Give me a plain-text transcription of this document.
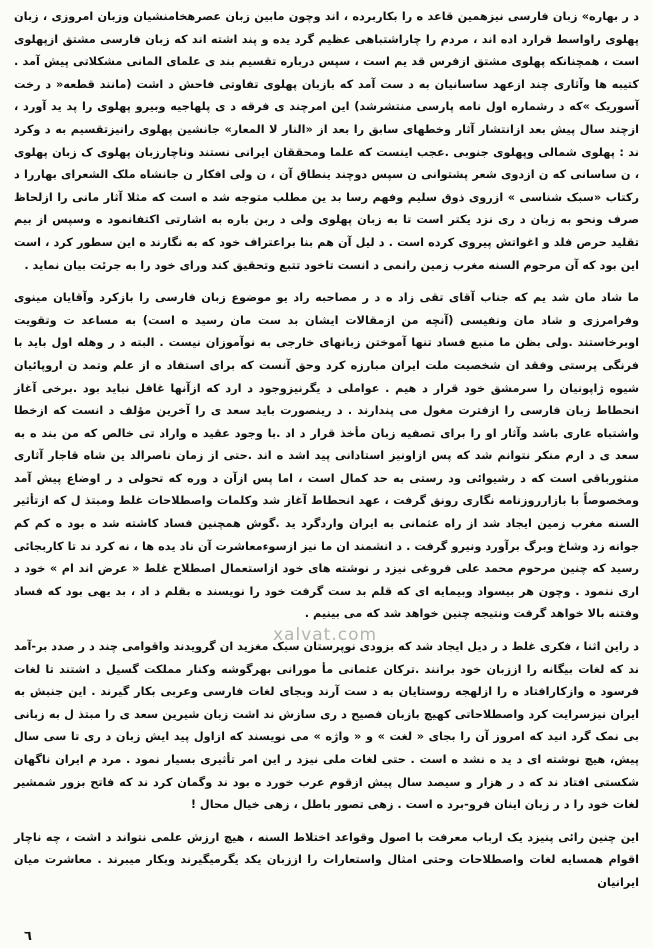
د ر بهاره» زبان فارسی نیزهمین قاعد ه را بکاربرده ، اند وچون مابین زبان عصرهخامنشیان وزبان امروزی ، زبان پهلوی راواسط قرارد اده اند ، مردم را چاراشتباهی عظیم گرد یده و پند اشته اند که زبان فارسی مشتق ازپهلوی است ، همچنانکه پهلوی مشتق ازفرس قد یم است ، سپس درباره تقسیم بند ی علمای المانی مشکلاتی پیش آمد . کتیبه ها وآثاری چند ازعهد ساسانیان به د ست آمد که بازبان پهلوی تفاوتی فاحش د اشت (مانند قطعه« د رخت آسوریک »که د رشماره اول نامه پارسی منتشرشد) این امرچند ی فرقه د ی پلهاجیه وبیرو پهلوی را پد ید آورد ، ازچند سال پیش بعد ازانتشار آثار وخطهای سابق را بعد از «النار لا المعار» جانشین پهلوی رانیزتقسیم به د وکرد ند : پهلوی شمالی وپهلوی جنوبی .عجب اینست که علما ومحققان ایرانی نستند وناچارزبان پهلوی ک زبان پهلوی ، ن ساسانی که ن ازدوی شعر پشتوانی ن سپس دوچند ینطاق آن ، ن ولی افکار ن جانشاه ملک الشعرای بهاررا د رکتاب «سبک شناسی » ازروی ذوق سلیم وفهم رسا بد ین مطلب متوجه شد ه است که مثلا آثار مانی را ازلحاظ صرف ونحو به زبان د ری نزد یکتر است تا به زبان پهلوی ولی د ربن باره به اشارتی اکتفانمود ه وسپس از بیم تقلید حرص فلد و اغواتش پیروی کرده است . د لیل آن هم بنا براعتراف خود که به نگارند ه این سطور کرد ، است این بود که آن مرحوم السنه مغرب زمین رانمی د انست تاخود تتبع وتحقیق کند ورای خود را به جرئت بیان نماید .

ما شاد مان شد یم که جناب آقای تقی زاد ه د ر مصاحبه راد یو موضوع زبان فارسی را بازکرد وآقایان مینوی وفرامرزی و شاد مان ونفیسی (آنچه من ازمقالات ایشان بد ست مان رسید ه است) به مساعد ت وتقویت اوبرخاستند .ولی بظن ما منبع فساد تنها آموختن زبانهای خارجی به نوآموزان نیست . البته د ر وهله اول باید با فرنگی پرستی وفقد ان شخصیت ملت ایران مبارزه کرد وحق آنست که برای استفاد ه از علم وتمد ن اروپائیان شیوه ژاپونیان را سرمشق خود قرار د هیم . عواملی د یگرنیزوجود د ارد که ازآنها غافل نباید بود .برخی آغاز انحطاط زبان فارسی را ازفترت مغول می پندارند . د رینصورت باید سعد ی را آخرین مؤلف د انست که ازخطا واشتباه عاری باشد وآثار او را برای تصفیه زبان مأخذ قرار د اد .با وجود عقید ه واراد تی خالص که من بند ه به سعد ی د ارم منکر نتوانم شد که پس ازاونیز استادانی پید اشد ه اند .حتی از زمان ناصرالد ین شاه قاجار آثاری منثورباقی است که د رشیوائی ود رستی به حد کمال است ، اما پس ازآن د وره که تحولی د ر اوضاع پیش آمد ومخصوصاً با بازارروزنامه نگاری رونق گرفت ، عهد انحطاط آغاز شد وکلمات واصطلاحات غلط ومبتذ ل که ازتأثیر السنه مغرب زمین ایجاد شد از راه عثمانی به ایران واردگرد ید .گوش همچنین فساد کاشته شد ه بود ه کم کم جوانه زد وشاخ وبرگ برآورد ونیرو گرفت . د انشمند ان ما نیز ازسوءمعاشرت آن ناد یده ها ، نه کرد ند تا کاربجائی رسید که چنین مرحوم محمد علی فروغی نیزد ر نوشته های خود ازاستعمال اصطلاح غلط « عرض اند ام » خود د اری ننمود . وچون هر بیسواد وبیمایه ای که قلم بد ست گرفت خود را نویسند ه بقلم د اد ، بد یهی بود که فساد وفتنه بالا خواهد گرفت ونتیجه چنین خواهد شد که می بینیم .

د راین اثنا ، فکری غلط د ر دیل ایجاد شد که بزودی نوپرستان سبک مغزید ان گرویدند واقوامی چند د ر صدد بر-آمد ند که لغات بیگانه را اززبان خود برانند .ترکان عثمانی مأ مورانی بهرگوشه وکنار مملکت گسیل د اشتند تا لغات فرسود ه وازکارافتاد ه را ازلهجه روستایان به د ست آرند وبجای لغات فارسی وعربی بکار گیرند . این جنبش به ایران نیزسرایت کرد واصطلاحاتی کهیچ بازبان فصیح د ری سازش ند اشت زبان شیرین سعد ی را مبتذ ل به زبانی بی نمک گرد انید که امروز آن را بجای « لغت » و « واژه » می نویسند که ازاول پید ایش زبان د ری تا سی سال پیش، هیچ نوشته ای د ید ه نشد ه است . حتی لغات ملی نیزد ر این امر تأثیری بسیار نمود . مرد م ایران ناگهان شکستی افتاد ند که د ر هزار و سیصد سال پیش ازقوم عرب خورد ه بود ند وگمان کرد ند که فاتح بزور شمشیر لغات خود را د ر زبان اینان فرو-برد ه است . زهی تصور باطل ، زهی خیال محال !

این چنین رائی پنیزد یک ارباب معرفت با اصول وقواعد اختلاط السنه ، هیچ ارزش علمی نتواند د اشت ، چه ناچار اقوام همسایه لغات واصطلاحات وحتی امثال واستعارات را اززبان یکد یگرمیگیرند وبکار میبرند . معاشرت میان ایرانیان

xalvat.com
٦
